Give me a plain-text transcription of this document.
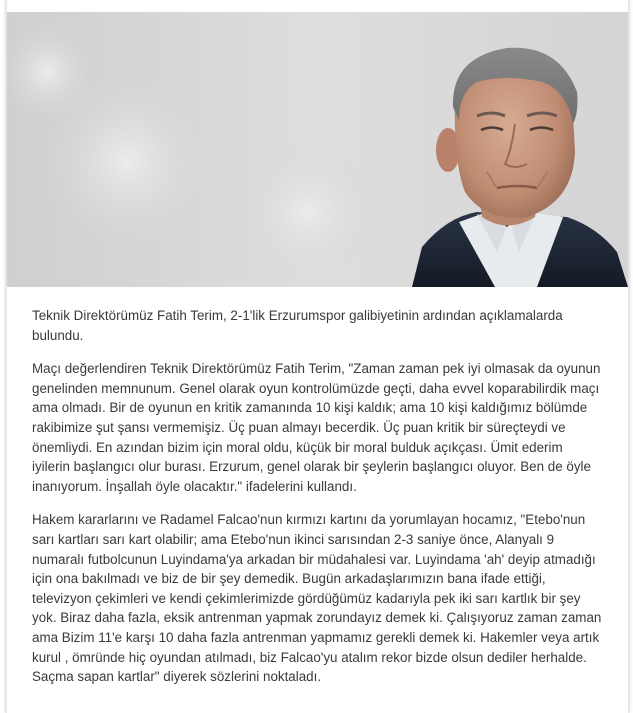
Teknik Direktörümüz Fatih Terim, 2-1'lik Erzurumspor galibiyetinin ardından açıklamalarda bulundu.

Maçı değerlendiren Teknik Direktörümüz Fatih Terim, "Zaman zaman pek iyi olmasak da oyunun genelinden memnunum. Genel olarak oyun kontrolümüzde geçti, daha evvel koparabilirdik maçı ama olmadı. Bir de oyunun en kritik zamanında 10 kişi kaldık; ama 10 kişi kaldığımız bölümde rakibimize şut şansı vermemişiz. Üç puan almayı becerdik. Üç puan kritik bir süreçteydi ve önemliydi. En azından bizim için moral oldu, küçük bir moral bulduk açıkçası. Ümit ederim iyilerin başlangıcı olur burası. Erzurum, genel olarak bir şeylerin başlangıcı oluyor. Ben de öyle inanıyorum. İnşallah öyle olacaktır." ifadelerini kullandı.

Hakem kararlarını ve Radamel Falcao'nun kırmızı kartını da yorumlayan hocamız, "Etebo'nun sarı kartları sarı kart olabilir; ama Etebo'nun ikinci sarısından 2-3 saniye önce, Alanyalı 9 numaralı futbolcunun Luyindama'ya arkadan bir müdahalesi var. Luyindama 'ah' deyip atmadığı için ona bakılmadı ve biz de bir şey demedik. Bugün arkadaşlarımızın bana ifade ettiği, televizyon çekimleri ve kendi çekimlerimizde gördüğümüz kadarıyla pek iki sarı kartlık bir şey yok. Biraz daha fazla, eksik antrenman yapmak zorundayız demek ki. Çalışıyoruz zaman zaman ama Bizim 11'e karşı 10 daha fazla antrenman yapmamız gerekli demek ki. Hakemler veya artık kurul , ömründe hiç oyundan atılmadı, biz Falcao'yu atalım rekor bizde olsun dediler herhalde. Saçma sapan kartlar" diyerek sözlerini noktaladı.
